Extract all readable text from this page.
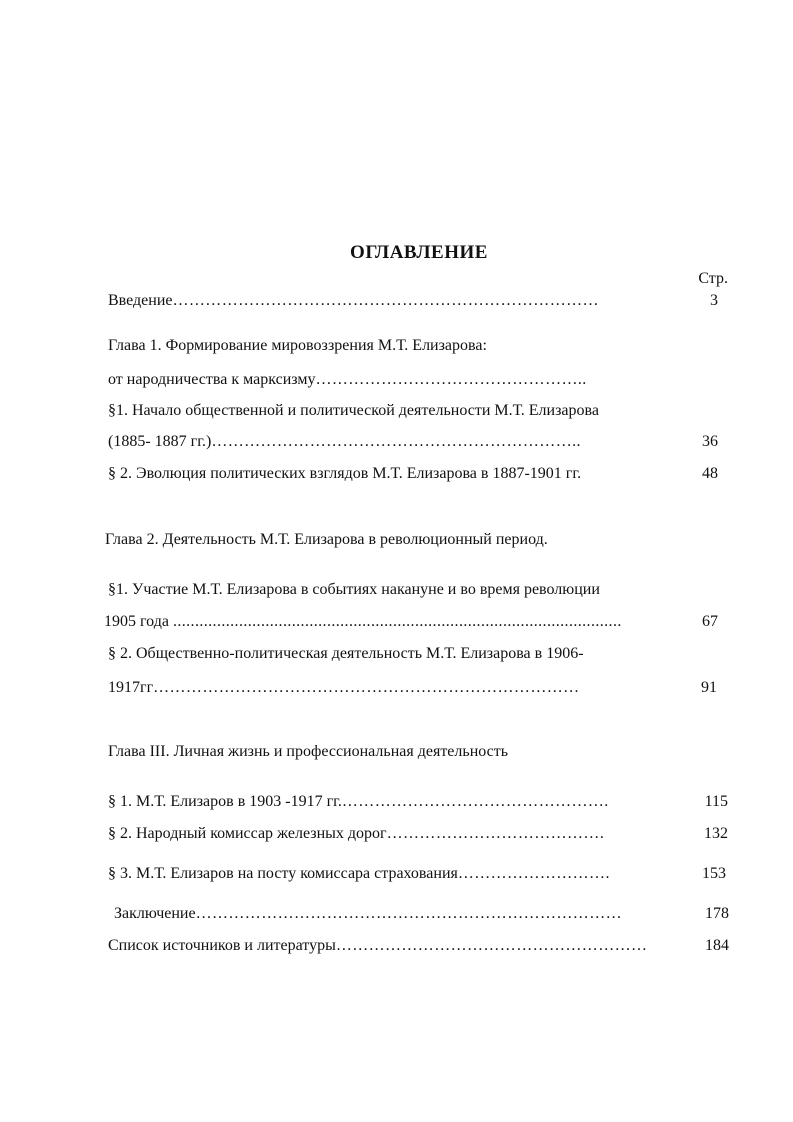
ОГЛАВЛЕНИЕ
Стр.
Введение……………………………………………………………………	3
Глава 1. Формирование мировоззрения М.Т. Елизарова:
от народничества к марксизму…………………………………………..
§1. Начало общественной и политической деятельности М.Т. Елизарова
(1885- 1887 гг.)…………………………………………………………..	36
§ 2. Эволюция политических взглядов М.Т. Елизарова в 1887-1901 гг.	48
Глава 2. Деятельность М.Т. Елизарова в революционный период.
§1. Участие М.Т. Елизарова в событиях накануне и во время революции
1905 года ......................................................................................................	67
§ 2. Общественно-политическая деятельность М.Т. Елизарова в 1906-
1917гг……………………………………………………………………	91
Глава III. Личная жизнь и профессиональная деятельность
§ 1. М.Т. Елизаров в 1903 -1917 гг.………………………………………….	115
§ 2. Народный комиссар железных дорог………………………………….	132
§ 3. М.Т. Елизаров на посту комиссара страхования……………………….	153
Заключение……………………………………………………………………	178
Список источников и литературы…………………………………………………	184
